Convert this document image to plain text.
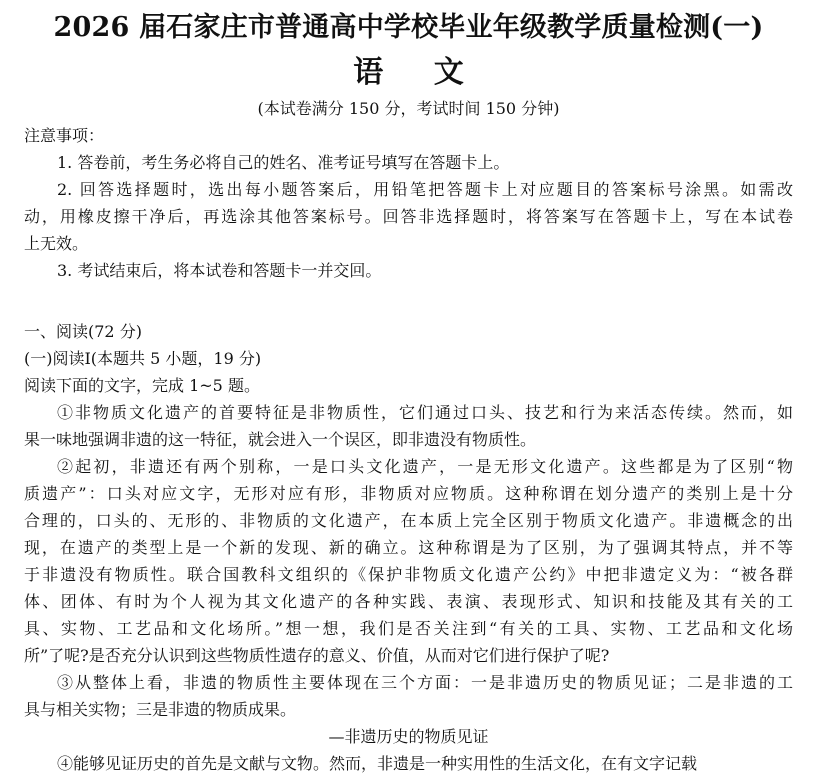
2026 届石家庄市普通高中学校毕业年级教学质量检测(一)
语 文
(本试卷满分 150 分，考试时间 150 分钟)
注意事项：
1. 答卷前，考生务必将自己的姓名、准考证号填写在答题卡上。
2. 回答选择题时，选出每小题答案后，用铅笔把答题卡上对应题目的答案标号涂黑。如需改
动，用橡皮擦干净后，再选涂其他答案标号。回答非选择题时，将答案写在答题卡上，写在本试卷
上无效。
3. 考试结束后，将本试卷和答题卡一并交回。
一、阅读(72 分)
(一)阅读Ⅰ(本题共 5 小题，19 分)
阅读下面的文字，完成 1~5 题。
①非物质文化遗产的首要特征是非物质性，它们通过口头、技艺和行为来活态传续。然而，如
果一味地强调非遗的这一特征，就会进入一个误区，即非遗没有物质性。
②起初，非遗还有两个别称，一是口头文化遗产，一是无形文化遗产。这些都是为了区别“物
质遗产”：口头对应文字，无形对应有形，非物质对应物质。这种称谓在划分遗产的类别上是十分
合理的，口头的、无形的、非物质的文化遗产，在本质上完全区别于物质文化遗产。非遗概念的出
现，在遗产的类型上是一个新的发现、新的确立。这种称谓是为了区别，为了强调其特点，并不等
于非遗没有物质性。联合国教科文组织的《保护非物质文化遗产公约》中把非遗定义为：“被各群
体、团体、有时为个人视为其文化遗产的各种实践、表演、表现形式、知识和技能及其有关的工
具、实物、工艺品和文化场所。”想一想，我们是否关注到“有关的工具、实物、工艺品和文化场
所”了呢?是否充分认识到这些物质性遗存的意义、价值，从而对它们进行保护了呢?
③从整体上看，非遗的物质性主要体现在三个方面：一是非遗历史的物质见证；二是非遗的工
具与相关实物；三是非遗的物质成果。
—非遗历史的物质见证
④能够见证历史的首先是文献与文物。然而，非遗是一种实用性的生活文化，在有文字记载
